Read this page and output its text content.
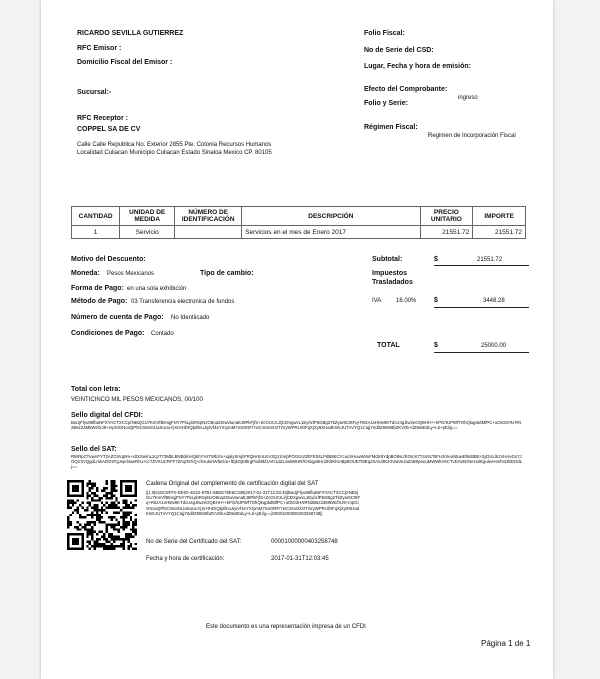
RICARDO SEVILLA GUTIERREZ
RFC Emisor :
Domicilio Fiscal del Emisor :
Sucursal:-
RFC Receptor :
COPPEL SA DE CV
Calle Calle Republica No. Exterior 2855 Pte. Colonia Recursos Humanos
Localidad Culiacan Municipio Culiacan Estado Sinaloa Mexico CP. 80105
Folio Fiscal:
No de Serie del CSD:
Lugar, Fecha y hora de emisión:
Efecto del Comprobante:
ingreso
Folio y Serie:
Régimen Fiscal:
Regimen de Incorporación Fiscal
CANTIDAD	UNIDAD DE MEDIDA	NÚMERO DE IDENTIFICACIÓN	DESCRIPCIÓN	PRECIO UNITARIO	IMPORTE
1	Servicio		Servicios en el mes de Enero 2017	21551.72	21551.72
Motivo del Descuento:
Moneda: Pesos Mexicanos	Tipo de cambio:
Forma de Pago: en una sola exhibición
Método de Pago: 03 Transferencia electronica de fondos
Número de cuenta de Pago: No Identiicado
Condiciones de Pago: Contado
Subtotal:	$	21551.72
Impuestos
Trasladados
IVA 16.00%	$	3448.28
TOTAL	$	25000.00
Total con letra:
VEINTICINCO MIL PESOS MEXICANOS, 00/100
Sello digital del CFDI:
BwJjFfyu95fbaNFXYACTXCCprNB2jGU7KmVfBtHqjFNY7FkLpbRSpNzO6na2SIwvtunaEJ8PkFjfS+ZcOUCrLl/jCDXgwvL1Ey/ixfP5GBg2TkZyar6C0tFq+R8zA1vHMv9KTdcU4gJlw2eOQBHH++kPG/9JPWfTOhQkqp5dMfPC+uOtO2HN RN2B6z23M5Wi/lXJ9+mpGiGNoxQPlSCWoIOLlaSuUuYjXrHHDrQlpl/lnuJiyiVf4eYXrymM7nSGRF/7eiCSrsl4XOTGryWPRUlOFqXjXy9XHadKWcJUTvVYQ1CIqjY6dlIZ906I9bZKV0b+dZ8wtEdLy+L6+pEi/g==
Sello del SAT:
RWRpCTvwAFYT2AZC6Vg9m+x0XSwmL2cpT73MbLBNBdmHQkhYVsTWbJm+iqalySmjzFRQHrKnUnV3QJ1m/pPOGUUt2hFE04LPdB8KCYcucSHuwW4vFMdX9YdpBO9sc/EOmX7T4o51TsFHJ/XeuNtuwElbstBBt+2yDULlk1VHHvGx7JOQV3VQgdLmkADG9TgJsprl4aeRhu+ccTZVXUCRFF7ZmjzN7iQ+/SsukmWfaG/a+fEjkGjE8lrgPvdi9kfJA/tr1dZLxw8MHR/lOnlqpi6Hn2K9KKmBp8OUETMEqzSAn38CKh2aVeJaZnB0peeuMWWkV6CTvDAVBzNeHolEguleeHmht43bDOdLj==
Cadena Original del complemento de certificación digital del SAT
||1.0|61DC8FF0-DE00-4D22-87B1-5BEE78E6C338|2017-01-31T12:03:45|BwJjFfyu95fbaNFXYACTXCCprNB2jGU7KmVfBtHqjFNY7FkLpbRSpNzO6na2SIwvtunaEJ8PkFjfS+ZcOUCrLl/jCDXgwvL1Ey/ixfP5GBg2TkZyar6C0tFq+R8zA1vHMv9KTdcU4gJlw2eOQBHH++kPG/9JPWfTOhQkqp5dMfPC+uOtO2HNRN2B6z23M5Wi/lXJ9+mpGiGNoxQPlSCWoIOLlaSuUuYjXrHHDrQlpl/lnuJiyiVf4eYXrymM7nSGRF/7eiCSrsl4XOTGryWPRUlOFqXjXy9XHadKWcJUTvVYQ1CIqjY6dlIZ906I9bZKV0b+dZ8wtEdLy+L6+pEi/g==|00001000000403258748||
No de Serie del Certificado del SAT:	00001000000403258748
Fecha y hora de certificación:	2017-01-31T12:03:45
Este documento es una representación impresa de un CFDI
Página 1 de 1
